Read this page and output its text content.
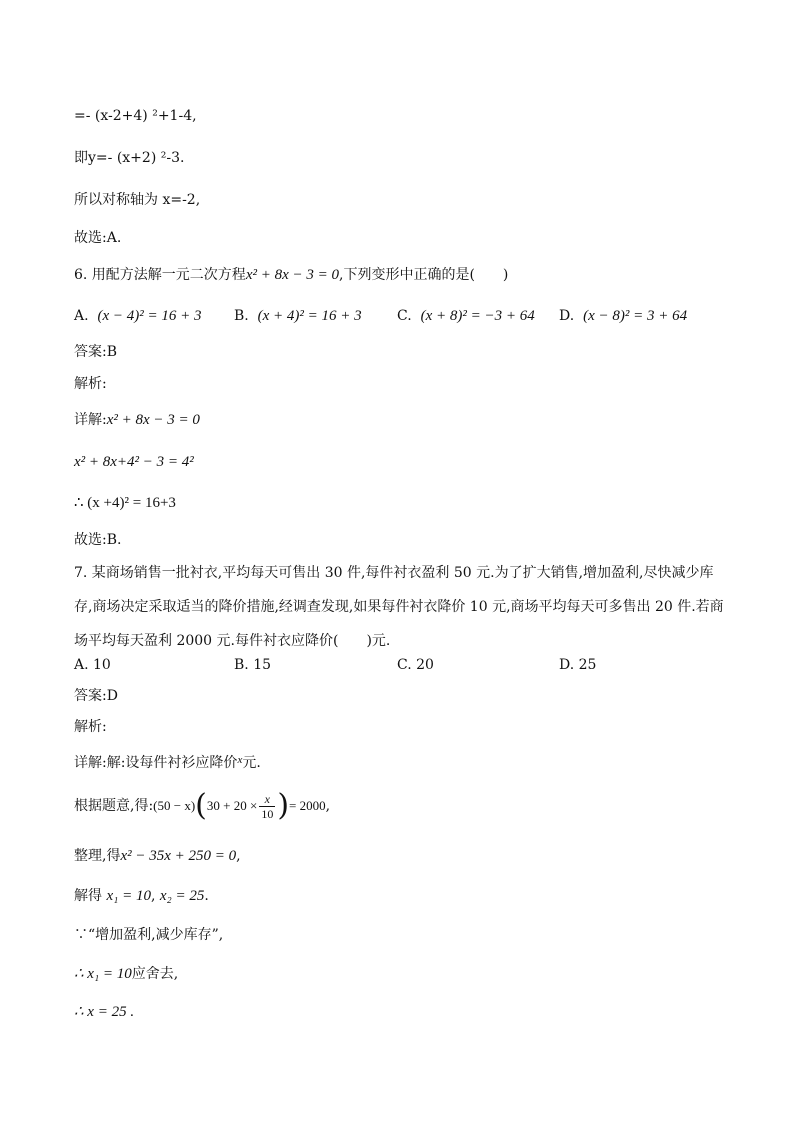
=- (x-2+4) ²+1-4,
即y=- (x+2) ²-3.
所以对称轴为 x=-2,
故选:A.
6. 用配方法解一元二次方程x² + 8x − 3 = 0,下列变形中正确的是(　　)
A. (x − 4)² = 16 + 3 B. (x + 4)² = 16 + 3	C. (x + 8)² = −3 + 64 D. (x − 8)² = 3 + 64
答案:B
解析:
详解:x² + 8x − 3 = 0
x² + 8x+4² − 3 = 4²
∴ (x +4)² = 16+3
故选:B.
7. 某商场销售一批衬衣,平均每天可售出 30 件,每件衬衣盈利 50 元.为了扩大销售,增加盈利,尽快减少库存,商场决定采取适当的降价措施,经调查发现,如果每件衬衣降价 10 元,商场平均每天可多售出 20 件.若商场平均每天盈利 2000 元.每件衬衣应降价(　　)元.
A. 10	B. 15	C. 20	D. 25
答案:D
解析:
详解:解:设每件衬衫应降价$^x$元.
根据题意,得:(50 − $x)(30 + 20 \times \frac{x}{10}$ )= 2000,
整理,得x² − 35x + 250 = 0,
解得 x₁ = 10, x₂ = 25.
∵“增加盈利,减少库存”,
∴ x₁ = 10应舍去,
∴ x = 25 .
